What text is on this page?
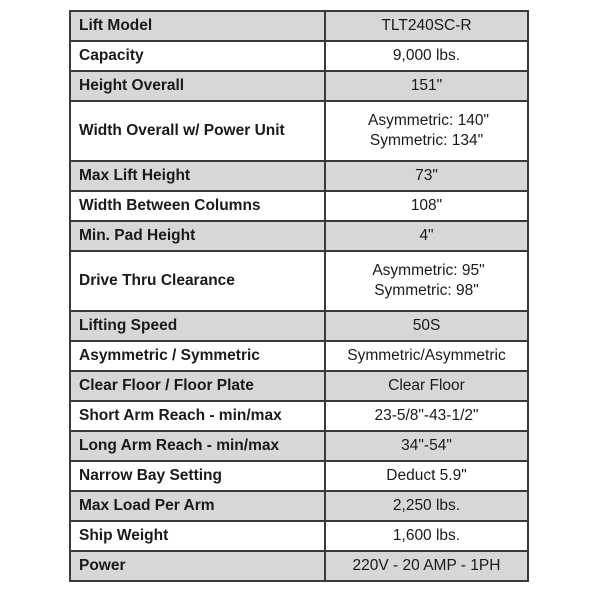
Lift Model	TLT240SC-R
Capacity	9,000 lbs.
Height Overall	151"
Width Overall w/ Power Unit	Asymmetric: 140"
Symmetric: 134"

Max Lift Height	73"
Width Between Columns	108"
Min. Pad Height	4"
Drive Thru Clearance	Asymmetric: 95"
Symmetric: 98"

Lifting Speed	50S
Asymmetric / Symmetric	Symmetric/Asymmetric
Clear Floor / Floor Plate	Clear Floor
Short Arm Reach - min/max	23-5/8"-43-1/2"
Long Arm Reach - min/max	34"-54"
Narrow Bay Setting	Deduct 5.9"
Max Load Per Arm	2,250 lbs.
Ship Weight	1,600 lbs.
Power	220V - 20 AMP - 1PH
